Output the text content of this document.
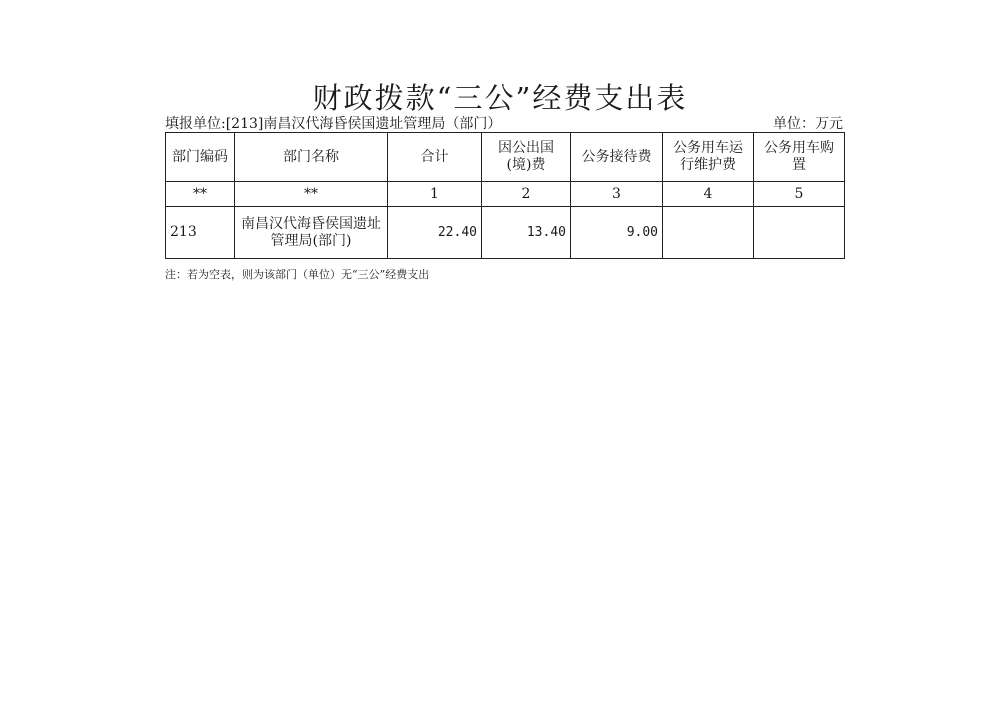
财政拨款“三公”经费支出表
填报单位:[213]南昌汉代海昏侯国遗址管理局（部门）	单位：万元
部门编码	部门名称	合计	因公出国(境)费	公务接待费	公务用车运行维护费	公务用车购置
**	**	1	2	3	4	5
213	南昌汉代海昏侯国遗址管理局(部门)	22.40	13.40	9.00		
注：若为空表，则为该部门（单位）无“三公”经费支出
